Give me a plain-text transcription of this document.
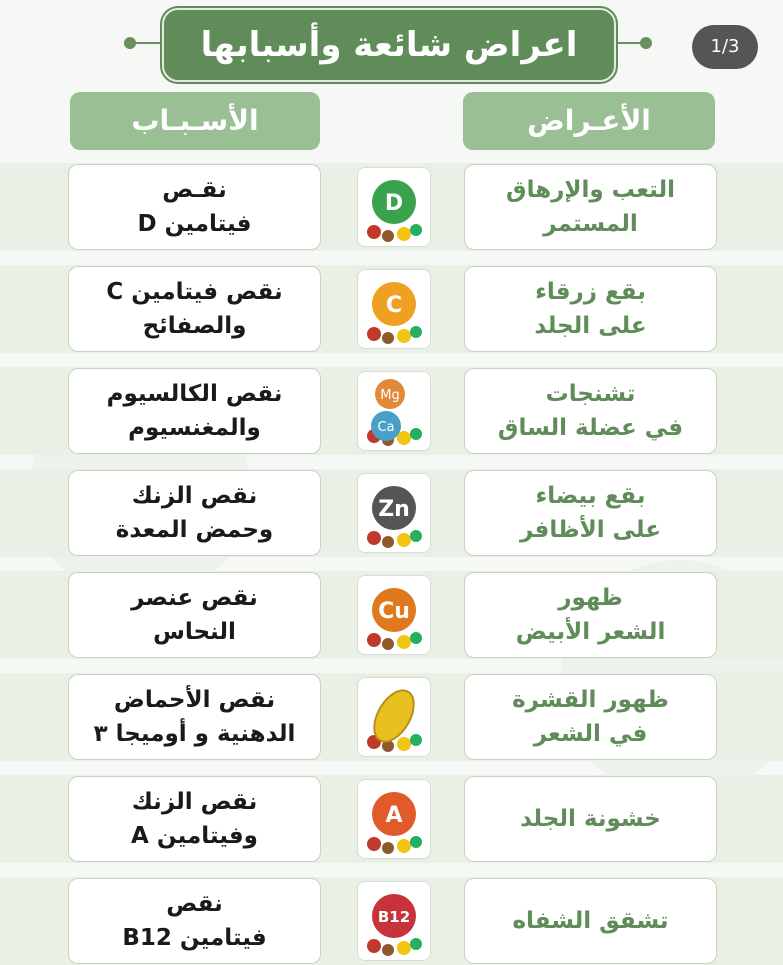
اعراض شائعة وأسبابها	1/3
الأسـبـاب	الأعـراض
نقـص
فيتامين D
التعب والإرهاق
المستمر
D
نقص فيتامين C
والصفائح
بقع زرقاء
على الجلد
C
نقص الكالسيوم
والمغنسيوم
تشنجات
في عضلة الساق
Mg
Ca
نقص الزنك
وحمض المعدة
بقع بيضاء
على الأظافر
Zn
نقص عنصر
النحاس
ظهور
الشعر الأبيض
Cu
نقص الأحماض
الدهنية و أوميجا ٣
ظهور القشرة
في الشعر
نقص الزنك
وفيتامين A
خشونة الجلد
A
نقص
فيتامين B12
تشقق الشفاه
B12
